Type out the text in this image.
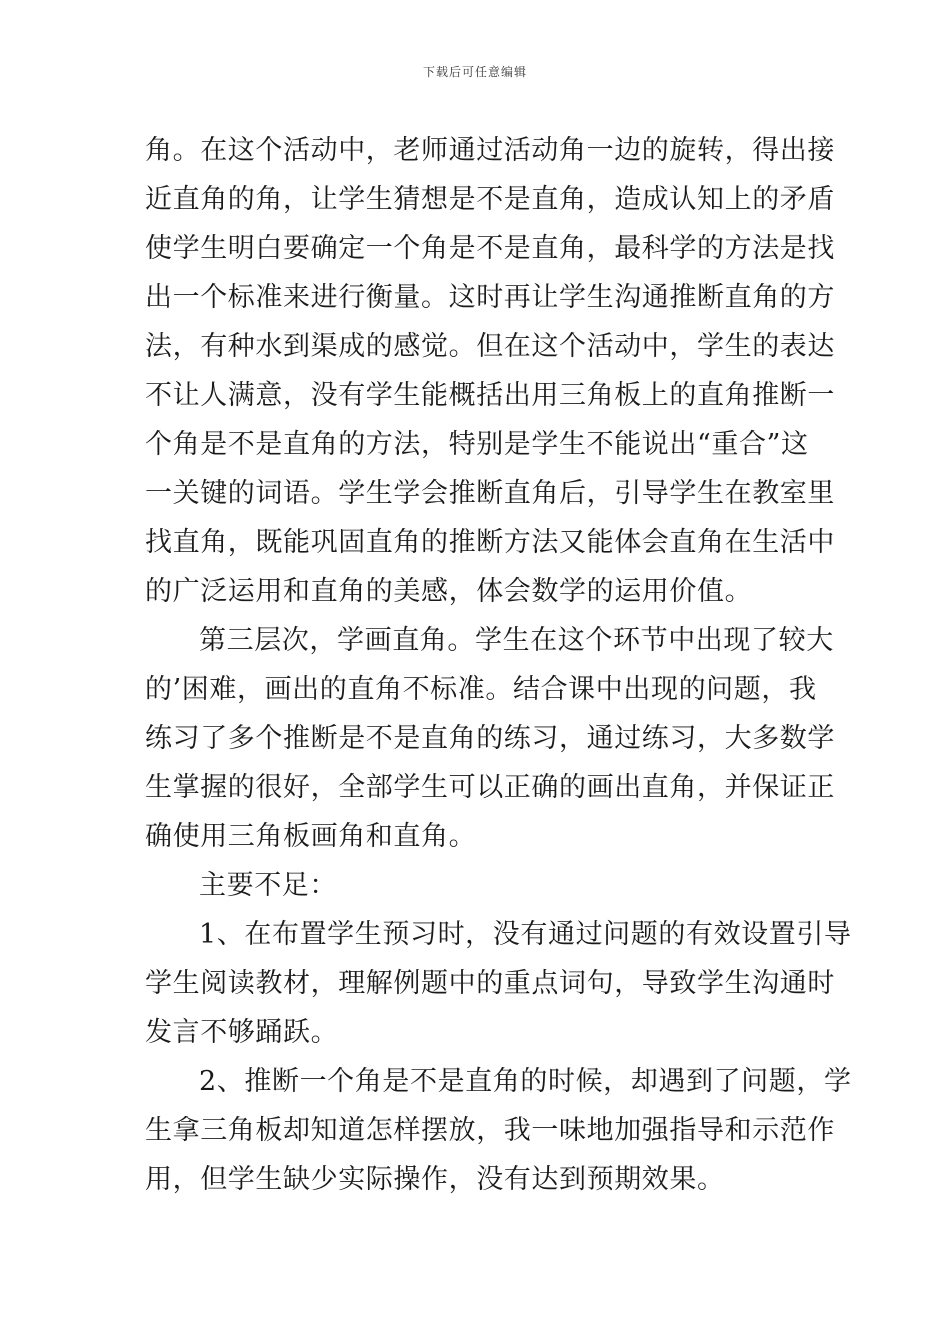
下载后可任意编辑
角。在这个活动中，老师通过活动角一边的旋转，得出接
近直角的角，让学生猜想是不是直角，造成认知上的矛盾
使学生明白要确定一个角是不是直角，最科学的方法是找
出一个标准来进行衡量。这时再让学生沟通推断直角的方
法，有种水到渠成的感觉。但在这个活动中，学生的表达
不让人满意，没有学生能概括出用三角板上的直角推断一
个角是不是直角的方法，特别是学生不能说出“重合”这
一关键的词语。学生学会推断直角后，引导学生在教室里
找直角，既能巩固直角的推断方法又能体会直角在生活中
的广泛运用和直角的美感，体会数学的运用价值。
第三层次，学画直角。学生在这个环节中出现了较大
的’困难，画出的直角不标准。结合课中出现的问题，我
练习了多个推断是不是直角的练习，通过练习，大多数学
生掌握的很好，全部学生可以正确的画出直角，并保证正
确使用三角板画角和直角。
主要不足：
1、在布置学生预习时，没有通过问题的有效设置引导
学生阅读教材，理解例题中的重点词句，导致学生沟通时
发言不够踊跃。
2、推断一个角是不是直角的时候，却遇到了问题，学
生拿三角板却知道怎样摆放，我一味地加强指导和示范作
用，但学生缺少实际操作，没有达到预期效果。
